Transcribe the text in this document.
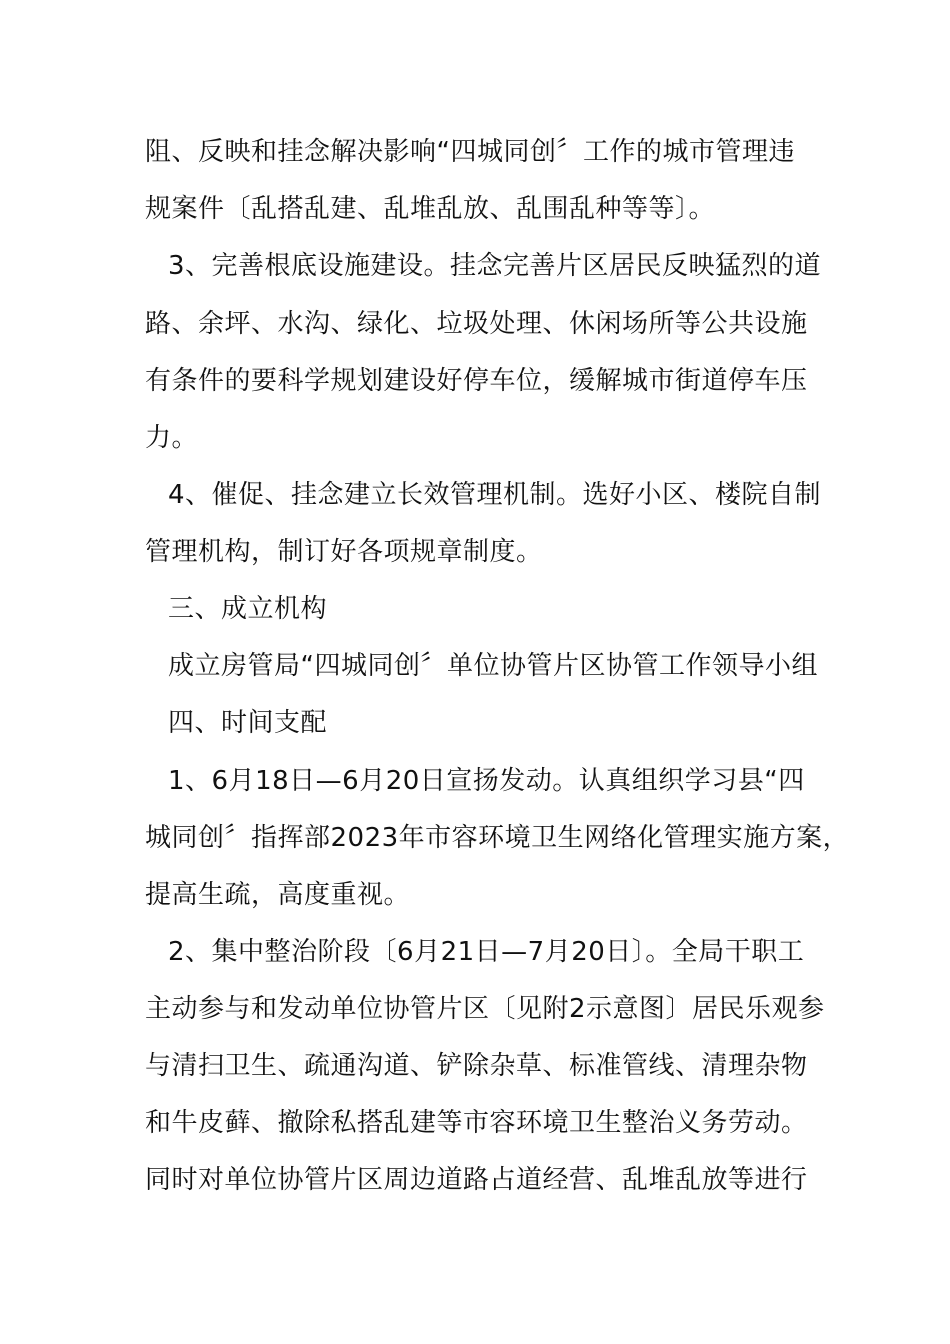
阻、反映和挂念解决影响“四城同创〞工作的城市管理违
规案件〔乱搭乱建、乱堆乱放、乱围乱种等等〕。
3、完善根底设施建设。挂念完善片区居民反映猛烈的道
路、余坪、水沟、绿化、垃圾处理、休闲场所等公共设施
有条件的要科学规划建设好停车位，缓解城市街道停车压
力。
4、催促、挂念建立长效管理机制。选好小区、楼院自制
管理机构，制订好各项规章制度。
三、成立机构
成立房管局“四城同创〞单位协管片区协管工作领导小组
四、时间支配
1、6月18日—6月20日宣扬发动。认真组织学习县“四
城同创〞指挥部2023年市容环境卫生网络化管理实施方案，
提高生疏，高度重视。
2、集中整治阶段〔6月21日—7月20日〕。全局干职工
主动参与和发动单位协管片区〔见附2示意图〕居民乐观参
与清扫卫生、疏通沟道、铲除杂草、标准管线、清理杂物
和牛皮藓、撤除私搭乱建等市容环境卫生整治义务劳动。
同时对单位协管片区周边道路占道经营、乱堆乱放等进行
